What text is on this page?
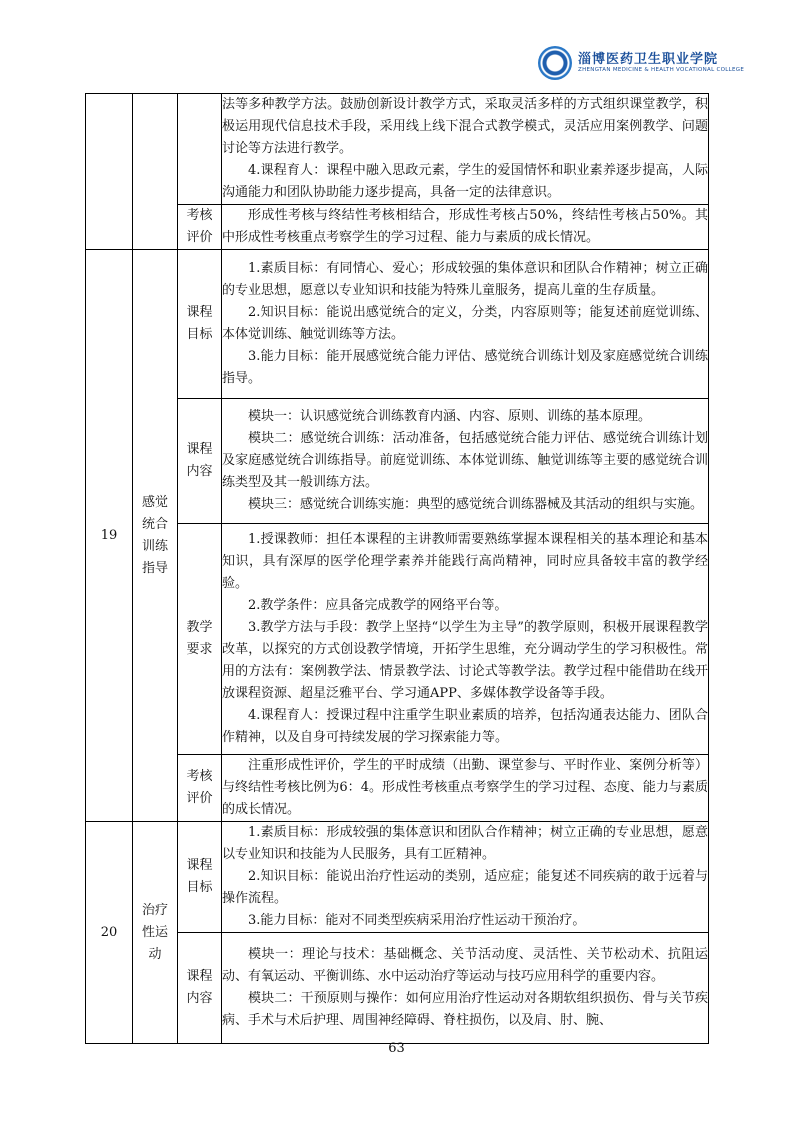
淄博医药卫生职业学院
ZHENGTAN MEDICINE & HEALTH VOCATIONAL COLLEGE

			法等多种教学方法。鼓励创新设计教学方式，采取灵活多样的方式组织课堂教学，积极运用现代信息技术手段，采用线上线下混合式教学模式，灵活应用案例教学、问题讨论等方法进行教学。

4.课程育人：课程中融入思政元素，学生的爱国情怀和职业素养逐步提高，人际沟通能力和团队协助能力逐步提高，具备一定的法律意识。

		考核评价	形成性考核与终结性考核相结合，形成性考核占50%，终结性考核占50%。其中形成性考核重点考察学生的学习过程、能力与素质的成长情况。

19	感觉统合训练指导	课程目标	1.素质目标：有同情心、爱心；形成较强的集体意识和团队合作精神；树立正确的专业思想，愿意以专业知识和技能为特殊儿童服务，提高儿童的生存质量。

2.知识目标：能说出感觉统合的定义，分类，内容原则等；能复述前庭觉训练、本体觉训练、触觉训练等方法。

3.能力目标：能开展感觉统合能力评估、感觉统合训练计划及家庭感觉统合训练指导。

		课程内容	模块一：认识感觉统合训练教育内涵、内容、原则、训练的基本原理。

模块二：感觉统合训练：活动准备，包括感觉统合能力评估、感觉统合训练计划及家庭感觉统合训练指导。前庭觉训练、本体觉训练、触觉训练等主要的感觉统合训练类型及其一般训练方法。

模块三：感觉统合训练实施：典型的感觉统合训练器械及其活动的组织与实施。

		教学要求	1.授课教师：担任本课程的主讲教师需要熟练掌握本课程相关的基本理论和基本知识，具有深厚的医学伦理学素养并能践行高尚精神，同时应具备较丰富的教学经验。

2.教学条件：应具备完成教学的网络平台等。

3.教学方法与手段：教学上坚持“以学生为主导”的教学原则，积极开展课程教学改革，以探究的方式创设教学情境，开拓学生思维，充分调动学生的学习积极性。常用的方法有：案例教学法、情景教学法、讨论式等教学法。教学过程中能借助在线开放课程资源、超星泛雅平台、学习通APP、多媒体教学设备等手段。

4.课程育人：授课过程中注重学生职业素质的培养，包括沟通表达能力、团队合作精神，以及自身可持续发展的学习探索能力等。

		考核评价	注重形成性评价，学生的平时成绩（出勤、课堂参与、平时作业、案例分析等）与终结性考核比例为6：4。形成性考核重点考察学生的学习过程、态度、能力与素质的成长情况。

20	治疗性运动	课程目标	1.素质目标：形成较强的集体意识和团队合作精神；树立正确的专业思想，愿意以专业知识和技能为人民服务，具有工匠精神。

2.知识目标：能说出治疗性运动的类别，适应症；能复述不同疾病的敢于远着与操作流程。

3.能力目标：能对不同类型疾病采用治疗性运动干预治疗。

		课程内容	模块一：理论与技术：基础概念、关节活动度、灵活性、关节松动术、抗阻运动、有氧运动、平衡训练、水中运动治疗等运动与技巧应用科学的重要内容。

模块二：干预原则与操作：如何应用治疗性运动对各期软组织损伤、骨与关节疾病、手术与术后护理、周围神经障碍、脊柱损伤，以及肩、肘、腕、

63
